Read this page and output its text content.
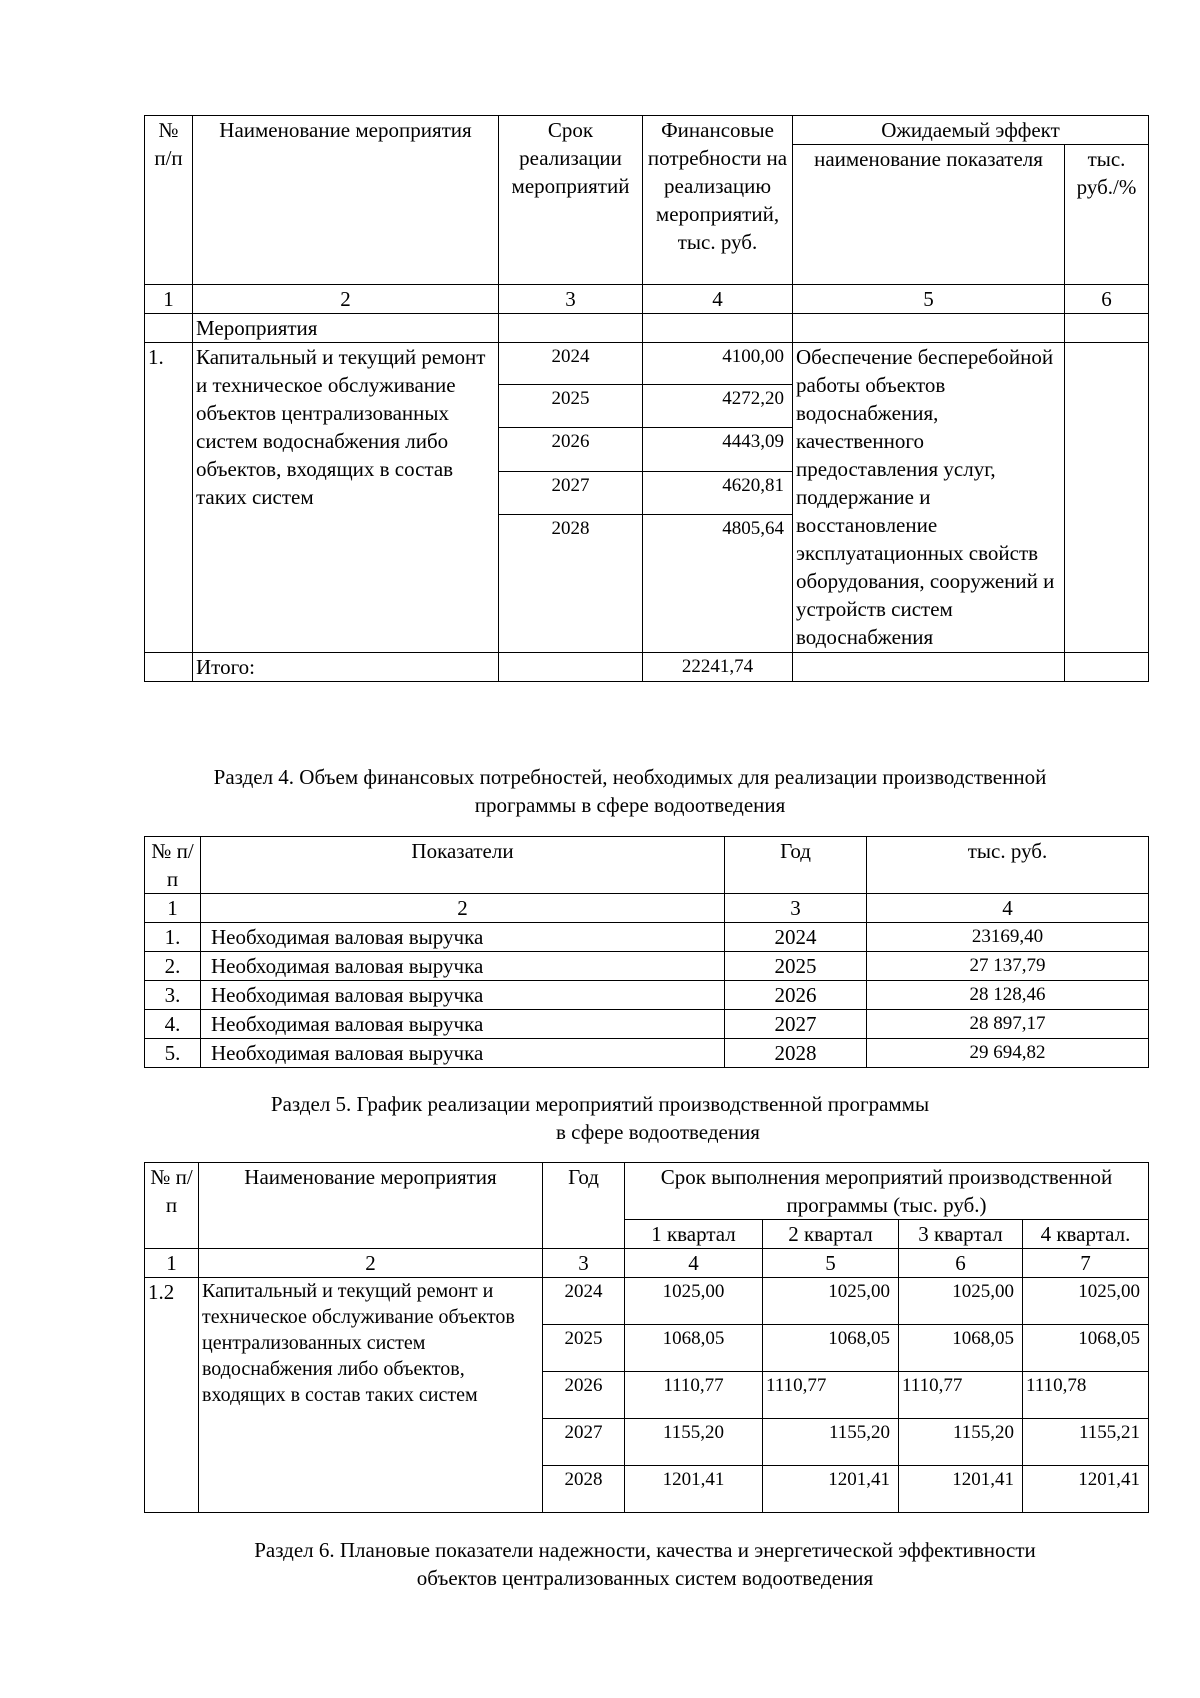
№ п/п	Наименование мероприятия	Срок реализации мероприятий	Финансовые потребности на реализацию мероприятий, тыс. руб.	Ожидаемый эффект	
				наименование показателя	тыс. руб./%
1	2	3	4	5	6
	Мероприятия				
1.	Капитальный и текущий ремонт и техническое обслуживание объектов централизованных систем водоснабжения либо объектов, входящих в состав таких систем	2024	4100,00	Обеспечение бесперебойной работы объектов водоснабжения, качественного предоставления услуг, поддержание и восстановление эксплуатационных свойств оборудования, сооружений и устройств систем водоснабжения	
		2025	4272,20		
		2026	4443,09		
		2027	4620,81		
		2028	4805,64		
	Итого:		22241,74		
Раздел 4. Объем финансовых потребностей, необходимых для реализации производственной
программы в сфере водоотведения
№ п/п	Показатели	Год	тыс. руб.
1	2	3	4
1.	Необходимая валовая выручка	2024	23169,40
2.	Необходимая валовая выручка	2025	27 137,79
3.	Необходимая валовая выручка	2026	28 128,46
4.	Необходимая валовая выручка	2027	28 897,17
5.	Необходимая валовая выручка	2028	29 694,82
Раздел 5. График реализации мероприятий производственной программы
в сфере водоотведения
№ п/п	Наименование мероприятия	Год	Срок выполнения мероприятий производственной программы (тыс. руб.)			
			1 квартал	2 квартал	3 квартал	4 квартал.
1	2	3	4	5	6	7
1.2	Капитальный и текущий ремонт и техническое обслуживание объектов централизованных систем водоснабжения либо объектов, входящих в состав таких систем	2024	1025,00	1025,00	1025,00	1025,00
		2025	1068,05	1068,05	1068,05	1068,05
		2026	1110,77	1110,77	1110,77	1110,78
		2027	1155,20	1155,20	1155,20	1155,21
		2028	1201,41	1201,41	1201,41	1201,41
Раздел 6. Плановые показатели надежности, качества и энергетической эффективности
объектов централизованных систем водоотведения
